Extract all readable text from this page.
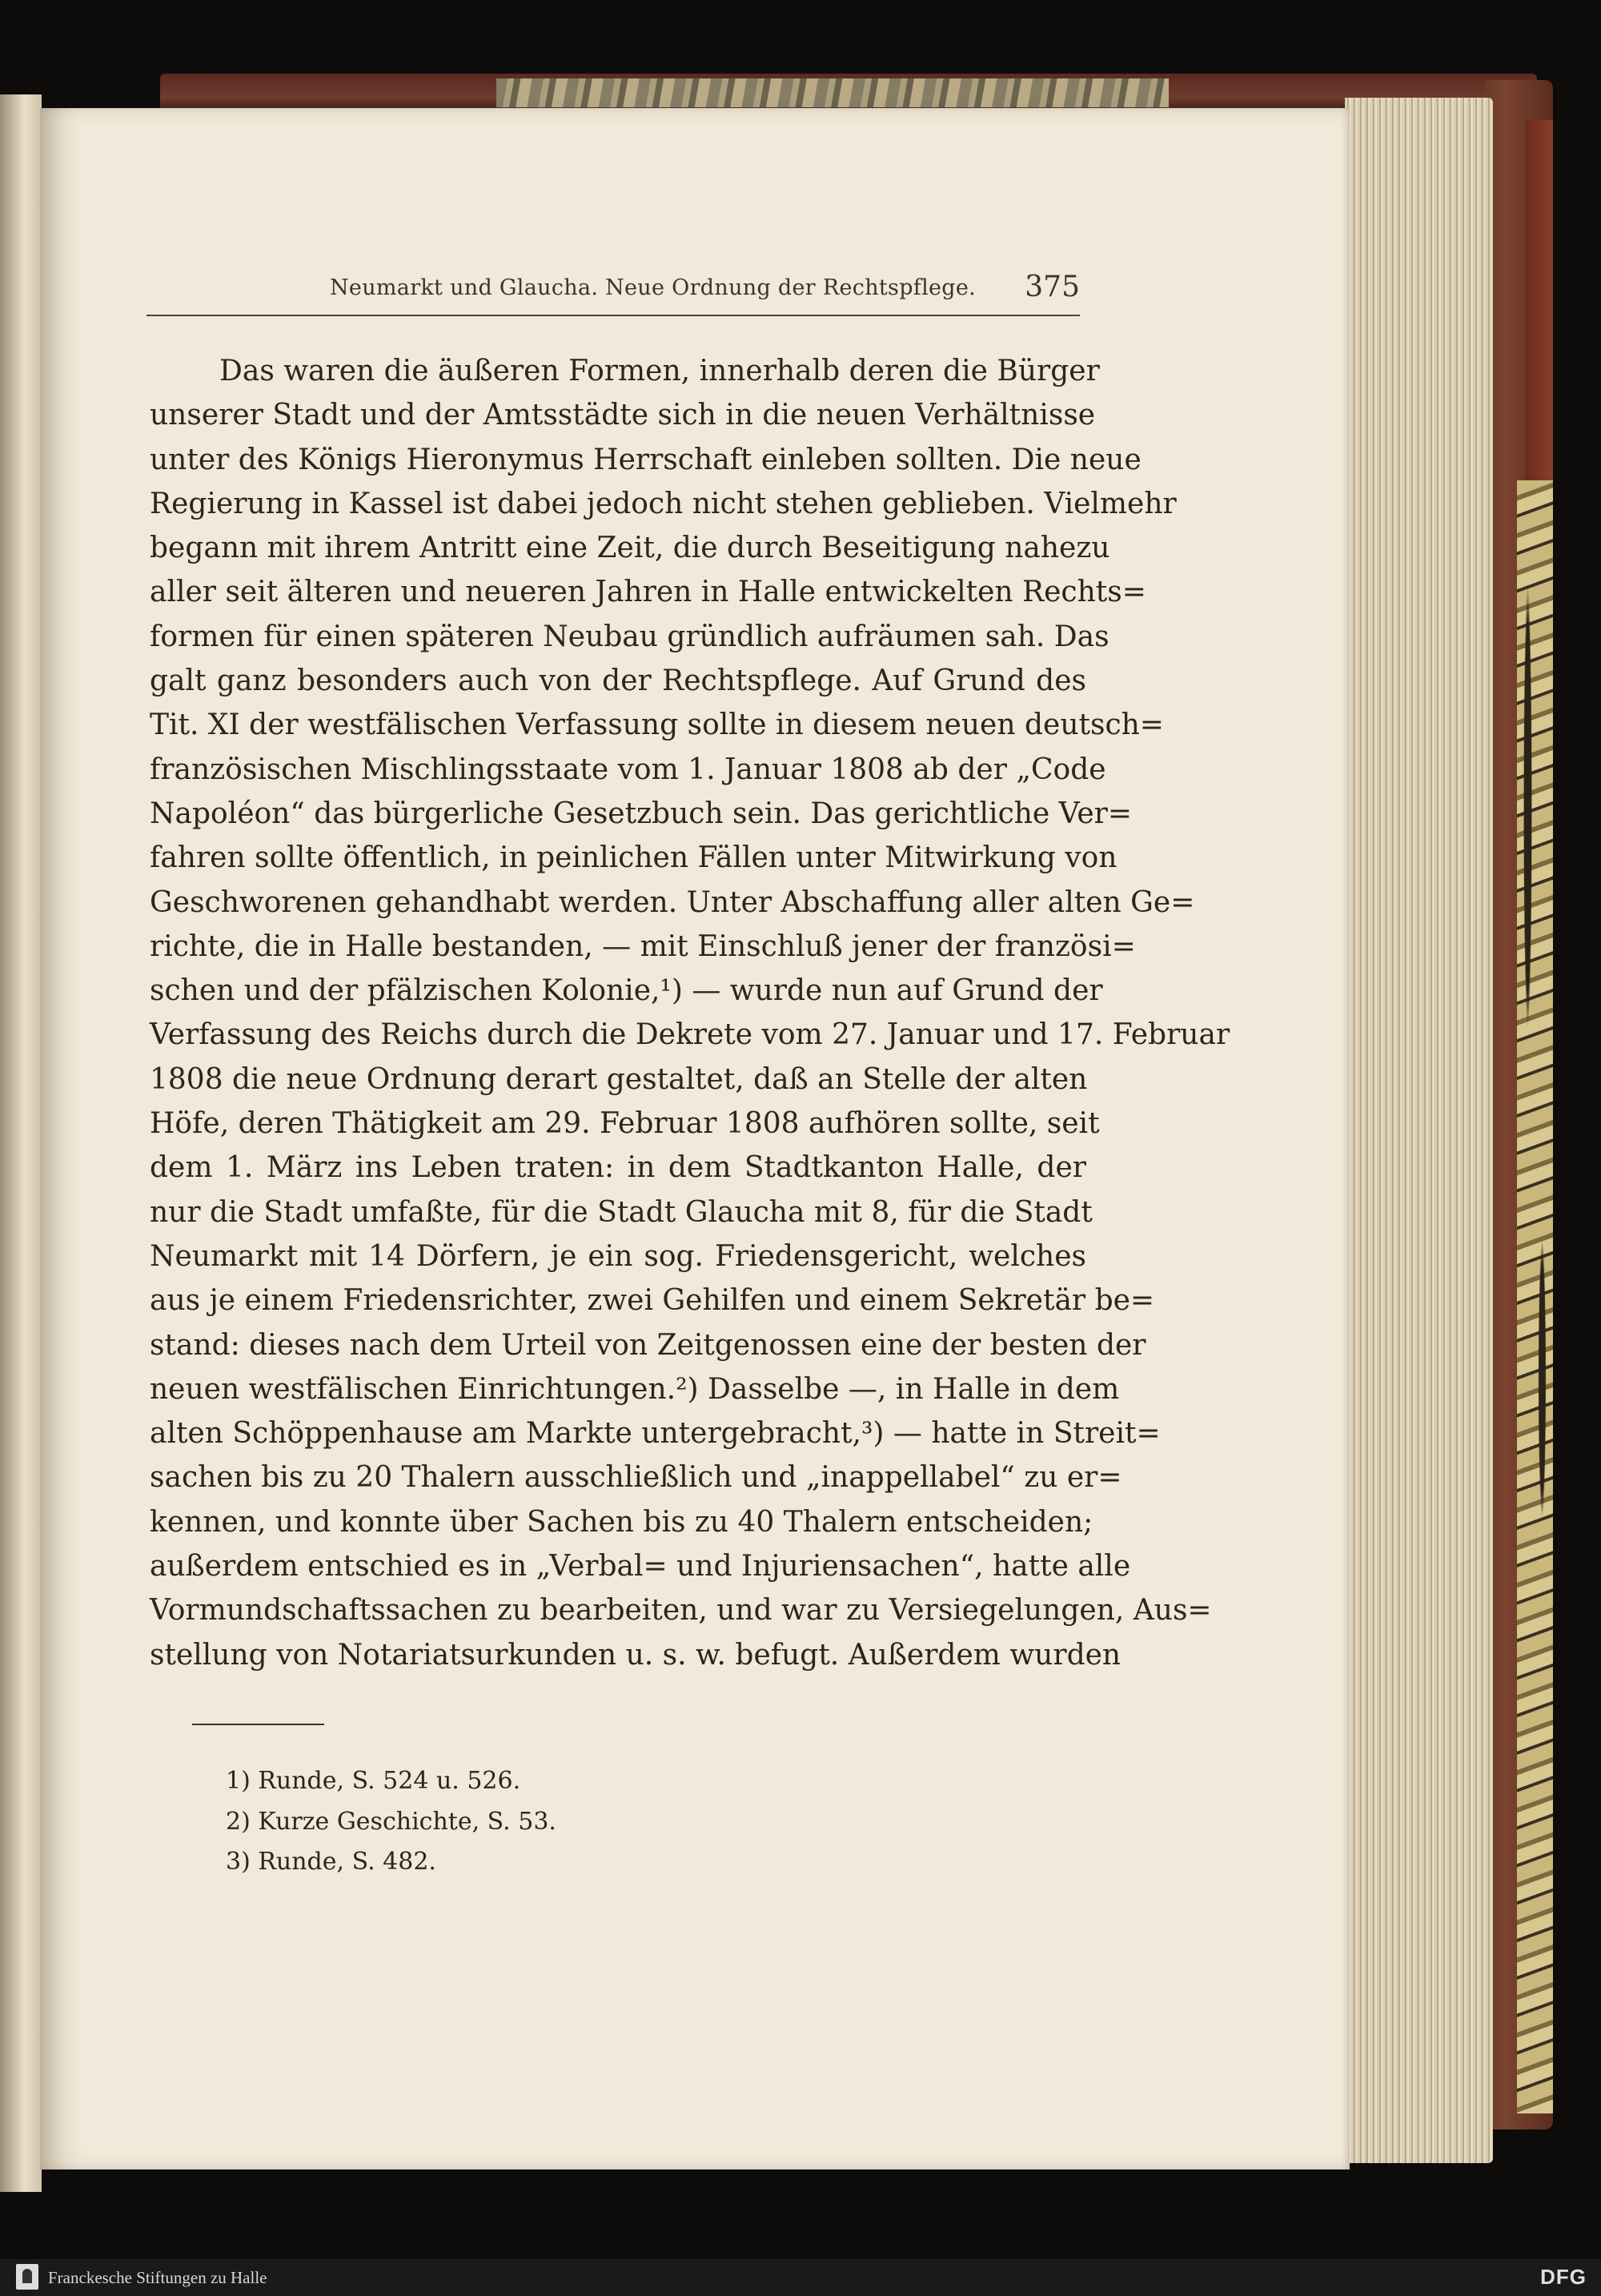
Neumarkt und Glaucha. Neue Ordnung der Rechtspflege. 375
Das waren die äußeren Formen, innerhalb deren die Bürger
unserer Stadt und der Amtsstädte sich in die neuen Verhältnisse
unter des Königs Hieronymus Herrschaft einleben sollten. Die neue
Regierung in Kassel ist dabei jedoch nicht stehen geblieben. Vielmehr
begann mit ihrem Antritt eine Zeit, die durch Beseitigung nahezu
aller seit älteren und neueren Jahren in Halle entwickelten Rechts=
formen für einen späteren Neubau gründlich aufräumen sah. Das
galt ganz besonders auch von der Rechtspflege. Auf Grund des
Tit. XI der westfälischen Verfassung sollte in diesem neuen deutsch=
französischen Mischlingsstaate vom 1. Januar 1808 ab der „Code
Napoléon“ das bürgerliche Gesetzbuch sein. Das gerichtliche Ver=
fahren sollte öffentlich, in peinlichen Fällen unter Mitwirkung von
Geschworenen gehandhabt werden. Unter Abschaffung aller alten Ge=
richte, die in Halle bestanden, — mit Einschluß jener der französi=
schen und der pfälzischen Kolonie,¹) — wurde nun auf Grund der
Verfassung des Reichs durch die Dekrete vom 27. Januar und 17. Februar
1808 die neue Ordnung derart gestaltet, daß an Stelle der alten
Höfe, deren Thätigkeit am 29. Februar 1808 aufhören sollte, seit
dem 1. März ins Leben traten: in dem Stadtkanton Halle, der
nur die Stadt umfaßte, für die Stadt Glaucha mit 8, für die Stadt
Neumarkt mit 14 Dörfern, je ein sog. Friedensgericht, welches
aus je einem Friedensrichter, zwei Gehilfen und einem Sekretär be=
stand: dieses nach dem Urteil von Zeitgenossen eine der besten der
neuen westfälischen Einrichtungen.²) Dasselbe —, in Halle in dem
alten Schöppenhause am Markte untergebracht,³) — hatte in Streit=
sachen bis zu 20 Thalern ausschließlich und „inappellabel“ zu er=
kennen, und konnte über Sachen bis zu 40 Thalern entscheiden;
außerdem entschied es in „Verbal= und Injuriensachen“, hatte alle
Vormundschaftssachen zu bearbeiten, und war zu Versiegelungen, Aus=
stellung von Notariatsurkunden u. s. w. befugt. Außerdem wurden
1) Runde, S. 524 u. 526.
2) Kurze Geschichte, S. 53.
3) Runde, S. 482.
Franckesche Stiftungen zu Halle	DFG
